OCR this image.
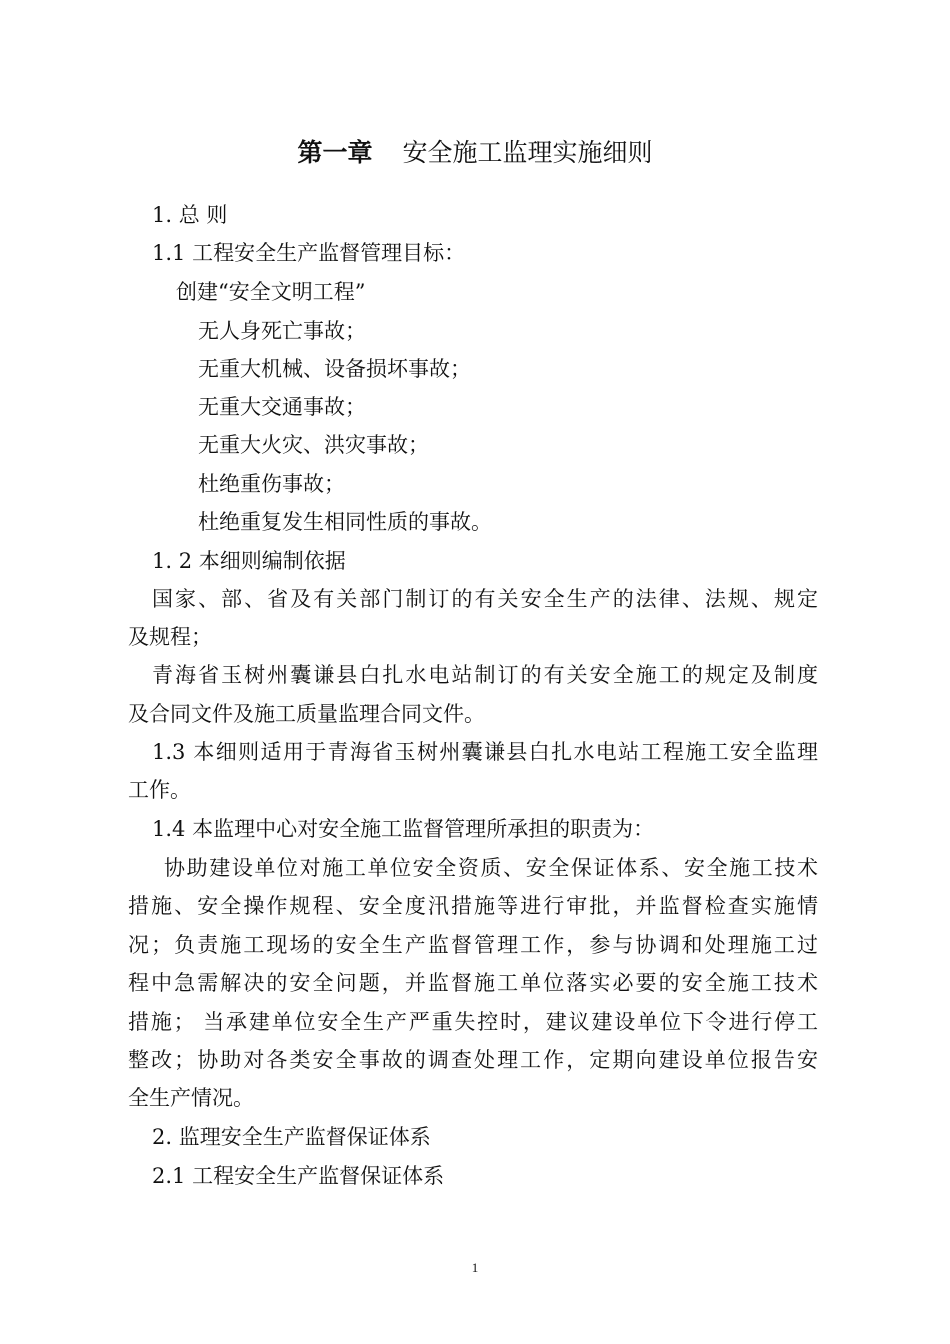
第一章 安全施工监理实施细则
1. 总 则
1.1 工程安全生产监督管理目标：
创建“安全文明工程”
无人身死亡事故；
无重大机械、设备损坏事故；
无重大交通事故；
无重大火灾、洪灾事故；
杜绝重伤事故；
杜绝重复发生相同性质的事故。
1. 2 本细则编制依据
国家、部、省及有关部门制订的有关安全生产的法律、法规、规定
及规程；
青海省玉树州囊谦县白扎水电站制订的有关安全施工的规定及制度
及合同文件及施工质量监理合同文件。
1.3 本细则适用于青海省玉树州囊谦县白扎水电站工程施工安全监理
工作。
1.4 本监理中心对安全施工监督管理所承担的职责为：
协助建设单位对施工单位安全资质、安全保证体系、安全施工技术
措施、安全操作规程、安全度汛措施等进行审批，并监督检查实施情
况；负责施工现场的安全生产监督管理工作，参与协调和处理施工过
程中急需解决的安全问题，并监督施工单位落实必要的安全施工技术
措施； 当承建单位安全生产严重失控时，建议建设单位下令进行停工
整改；协助对各类安全事故的调查处理工作，定期向建设单位报告安
全生产情况。
2. 监理安全生产监督保证体系
2.1 工程安全生产监督保证体系
1
